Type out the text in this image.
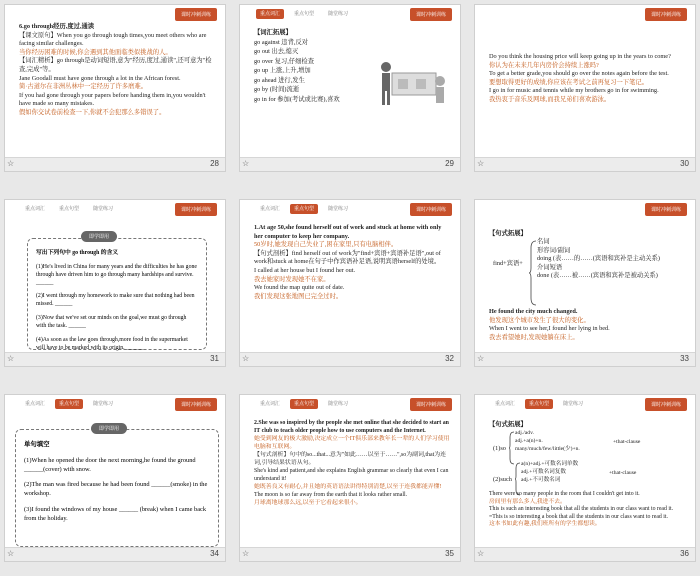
课时冲刺训练

6.go through经历,度过,通读

【课文原句】When you go through tough times,you meet others who are facing similar challenges.

当你经历困难的时候,你会遇到其他面临类似挑战的人。

【词汇精析】go through是动词短语,意为"经历,度过,通读",还可意为"检查,完成"等。

Jane Goodall must have gone through a lot in the African forest.

简·古道尔在非洲丛林中一定经历了许多磨难。

If you had gone through your papers before handing them in,you wouldn't have made so many mistakes.

假如你交试卷前检查一下,你就不会犯那么多错误了。

☆	28
重点词汇	重点句型	随堂练习	课时冲刺训练

【词汇拓展】

go against 违背,反对

go out 出去,熄灭

go over 复习,仔细检查

go up 上涨,上升,增加

go ahead 进行,发生

go by (时间)流逝

go in for 参加(考试或比赛),喜欢

☆	29
课时冲刺训练

Do you think the housing price will keep going up in the years to come?

你认为在未来几年内房价会持续上涨吗?

To get a better grade,you should go over the notes again before the test.

要想取得更好的成绩,你应该在考试之前再复习一下笔记。

I go in for music and tennis while my brothers go in for swimming.

我热衷于音乐及网球,而我兄弟们喜欢游泳。

☆	30
重点词汇	重点句型	随堂练习	课时冲刺训练

写出下列句中 go through 的含义

(1)He's lived in China for many years and the difficulties he has gone through have driven him to go through many hardships and survive. ______

(2)I went through my homework to make sure that nothing had been missed. ______

(3)Now that we've set our minds on the goal,we must go through with the task. ______

(4)As soon as the law goes through,more food in the supermarket will have to be marked with its origin. ______

即学即用
☆	31
重点词汇	重点句型	随堂练习	课时冲刺训练

1.At age 50,she found herself out of work and stuck at home with only her computer to keep her company.

50岁时,她发现自己失业了,困在家里,只有电脑相伴。

【句式剖析】find herself out of work为"find+宾语+宾语补足语",out of work和stuck at home在句子中作宾语补足语,说明宾语herself的处境。

I called at her house but I found her out.

我去她家时发现她不在家。

We found the map quite out of date.

我们发现这张地图已完全过时。

☆	32
课时冲刺训练

【句式拓展】

find+宾语+

名词

形容词/副词

doing (表……的……(宾语和宾补是主动关系)

介词短语

done (表……被……(宾语和宾补是被动关系)

He found the city much changed.

他发现这个城市发生了很大的变化。

When I went to see her,I found her lying in bed.

我去看望她时,发现她躺在床上。

☆	33
重点词汇	重点句型	随堂练习	课时冲刺训练

单句填空

(1)When he opened the door the next morning,he found the ground ______(cover) with snow.

(2)The man was fired because he had been found ______(smoke) in the workshop.

(3)I found the windows of my house ______ (break) when I came back from the holiday.

即学即用
☆	34
重点词汇	重点句型	随堂练习	课时冲刺训练

2.She was so inspired by the people she met online that she decided to start an IT club to teach older people how to use computers and the Internet.

她受到网友的极大激励,决定成立一个IT俱乐部来教年长一辈的人们学习使用电脑和互联网。

【句式剖析】句中的so...that...意为"如此……以至于……",so为副词,that为连词,引导结果状语从句。

She's kind and patient,and she explains English grammar so clearly that even I can understand it!

她既善良又有耐心,并且她的英语语法讲得特别清楚,以至于连我都能弄懂!

The moon is so far away from the earth that it looks rather small.

月球离地球那么远,以至于它看起来很小。

☆	35
重点词汇	重点句型	随堂练习	课时冲刺训练

【句式拓展】

(1)so

adj./adv.

adj.+a(n)+n.

many/much/few/little(少)+n.

+that-clause

(2)such

a(n)+adj.+可数名词单数

adj.+可数名词复数

adj.+不可数名词

+that-clause

There were so many people in the room that I couldn't get into it.

房间里有那么多人,我进不去。

This is such an interesting book that all the students in our class want to read it.

=This is so interesting a book that all the students in our class want to read it.

这本书如此有趣,我们班所有的学生都想读。

☆	36
